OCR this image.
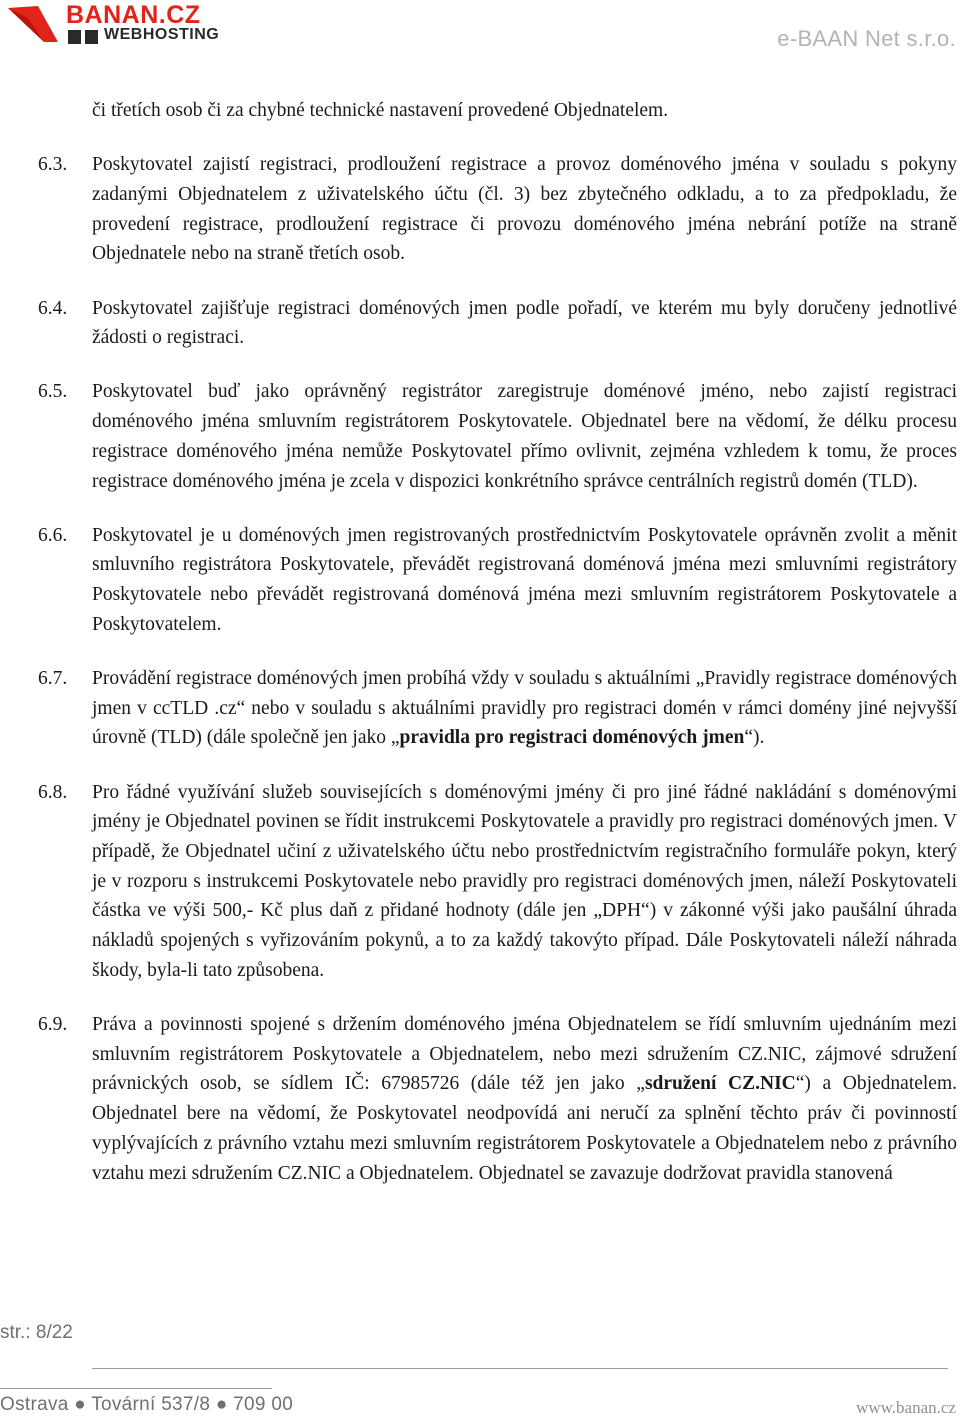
BANAN.CZ
WEBHOSTING	e-BAAN Net s.r.o.
či třetích osob či za chybné technické nastavení provedené Objednatelem.
6.3.	Poskytovatel zajistí registraci, prodloužení registrace a provoz doménového jména v souladu s pokyny zadanými Objednatelem z uživatelského účtu (čl. 3) bez zbytečného odkladu, a to za předpokladu, že provedení registrace, prodloužení registrace či provozu doménového jména nebrání potíže na straně Objednatele nebo na straně třetích osob.
6.4.	Poskytovatel zajišťuje registraci doménových jmen podle pořadí, ve kterém mu byly doručeny jednotlivé žádosti o registraci.
6.5.	Poskytovatel buď jako oprávněný registrátor zaregistruje doménové jméno, nebo zajistí registraci doménového jména smluvním registrátorem Poskytovatele. Objednatel bere na vědomí, že délku procesu registrace doménového jména nemůže Poskytovatel přímo ovlivnit, zejména vzhledem k tomu, že proces registrace doménového jména je zcela v dispozici konkrétního správce centrálních registrů domén (TLD).
6.6.	Poskytovatel je u doménových jmen registrovaných prostřednictvím Poskytovatele oprávněn zvolit a měnit smluvního registrátora Poskytovatele, převádět registrovaná doménová jména mezi smluvními registrátory Poskytovatele nebo převádět registrovaná doménová jména mezi smluvním registrátorem Poskytovatele a Poskytovatelem.
6.7.	Provádění registrace doménových jmen probíhá vždy v souladu s aktuálními „Pravidly registrace doménových jmen v ccTLD .cz“ nebo v souladu s aktuálními pravidly pro registraci domén v rámci domény jiné nejvyšší úrovně (TLD) (dále společně jen jako „pravidla pro registraci doménových jmen“).
6.8.	Pro řádné využívání služeb souvisejících s doménovými jmény či pro jiné řádné nakládání s doménovými jmény je Objednatel povinen se řídit instrukcemi Poskytovatele a pravidly pro registraci doménových jmen. V případě, že Objednatel učiní z uživatelského účtu nebo prostřednictvím registračního formuláře pokyn, který je v rozporu s instrukcemi Poskytovatele nebo pravidly pro registraci doménových jmen, náleží Poskytovateli částka ve výši 500,- Kč plus daň z přidané hodnoty (dále jen „DPH“) v zákonné výši jako paušální úhrada nákladů spojených s vyřizováním pokynů, a to za každý takovýto případ. Dále Poskytovateli náleží náhrada škody, byla-li tato způsobena.
6.9.	Práva a povinnosti spojené s držením doménového jména Objednatelem se řídí smluvním ujednáním mezi smluvním registrátorem Poskytovatele a Objednatelem, nebo mezi sdružením CZ.NIC, zájmové sdružení právnických osob, se sídlem IČ: 67985726 (dále též jen jako „sdružení CZ.NIC“) a Objednatelem. Objednatel bere na vědomí, že Poskytovatel neodpovídá ani neručí za splnění těchto práv či povinností vyplývajících z právního vztahu mezi smluvním registrátorem Poskytovatele a Objednatelem nebo z právního vztahu mezi sdružením CZ.NIC a Objednatelem. Objednatel se zavazuje dodržovat pravidla stanovená
str.: 8/22
Ostrava ● Tovární 537/8 ● 709 00	www.banan.cz
